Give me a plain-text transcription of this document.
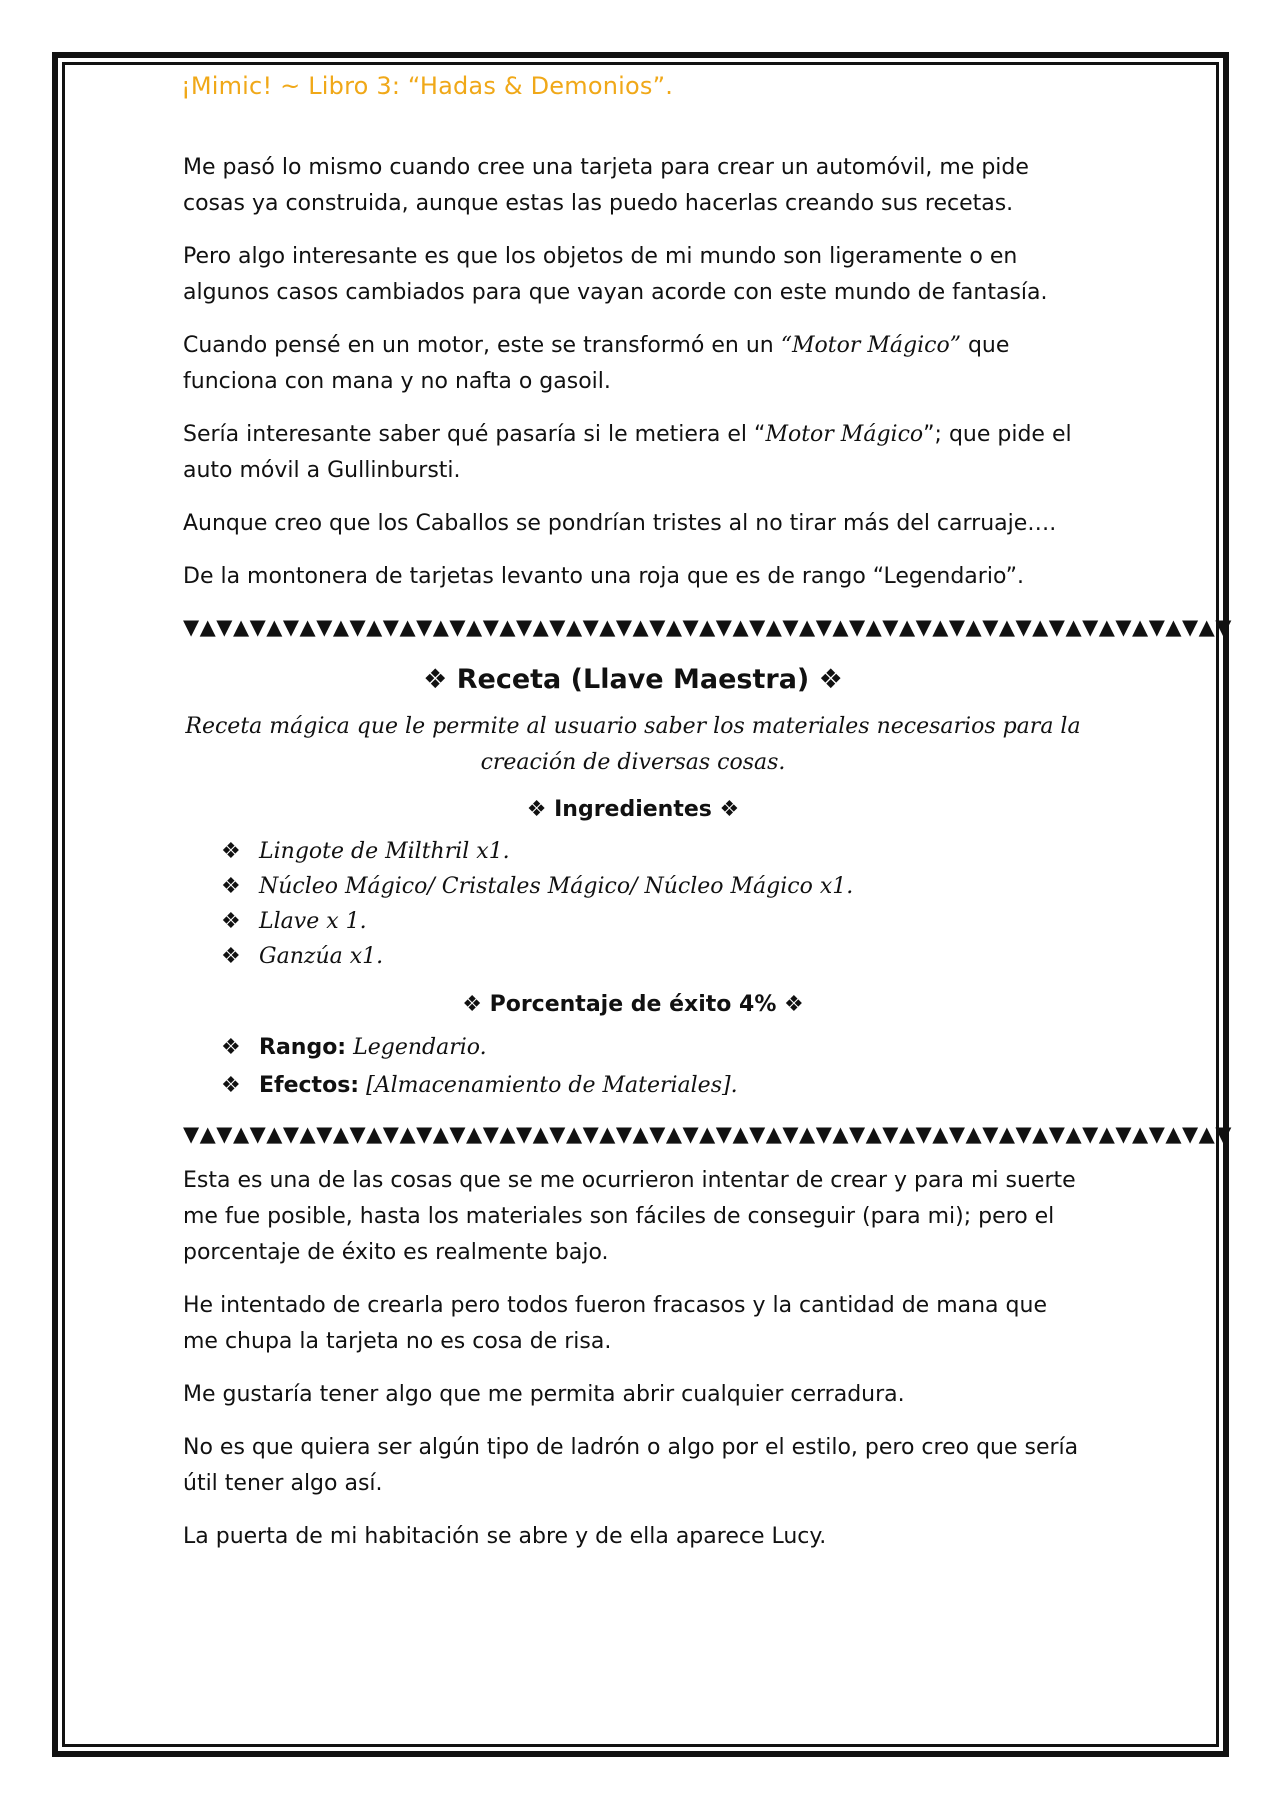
¡Mimic! ~ Libro 3: “Hadas & Demonios”.

Me pasó lo mismo cuando cree una tarjeta para crear un automóvil, me pide cosas ya construida, aunque estas las puedo hacerlas creando sus recetas.

Pero algo interesante es que los objetos de mi mundo son ligeramente o en algunos casos cambiados para que vayan acorde con este mundo de fantasía.

Cuando pensé en un motor, este se transformó en un “Motor Mágico” que funciona con mana y no nafta o gasoil.

Sería interesante saber qué pasaría si le metiera el “Motor Mágico”; que pide el auto móvil a Gullinbursti.

Aunque creo que los Caballos se pondrían tristes al no tirar más del carruaje….

De la montonera de tarjetas levanto una roja que es de rango “Legendario”.

▼▲▼▲▼▲▼▲▼▲▼▲▼▲▼▲▼▲▼▲▼▲▼▲▼▲▼▲▼▲▼▲▼▲▼▲▼▲▼▲▼▲▼▲▼▲▼▲▼▲▼▲▼▲▼▲▼▲▼▲▼▲▼
❖ Receta (Llave Maestra) ❖
Receta mágica que le permite al usuario saber los materiales necesarios para la creación de diversas cosas.
❖ Ingredientes ❖
❖ Lingote de Milthril x1.
❖ Núcleo Mágico/ Cristales Mágico/ Núcleo Mágico x1.
❖ Llave x 1.
❖ Ganzúa x1.
❖ Porcentaje de éxito 4% ❖
❖ Rango: Legendario.
❖ Efectos: [Almacenamiento de Materiales].
▼▲▼▲▼▲▼▲▼▲▼▲▼▲▼▲▼▲▼▲▼▲▼▲▼▲▼▲▼▲▼▲▼▲▼▲▼▲▼▲▼▲▼▲▼▲▼▲▼▲▼▲▼▲▼▲▼▲▼▲▼▲▼

Esta es una de las cosas que se me ocurrieron intentar de crear y para mi suerte me fue posible, hasta los materiales son fáciles de conseguir (para mi); pero el porcentaje de éxito es realmente bajo.

He intentado de crearla pero todos fueron fracasos y la cantidad de mana que me chupa la tarjeta no es cosa de risa.

Me gustaría tener algo que me permita abrir cualquier cerradura.

No es que quiera ser algún tipo de ladrón o algo por el estilo, pero creo que sería útil tener algo así.

La puerta de mi habitación se abre y de ella aparece Lucy.
